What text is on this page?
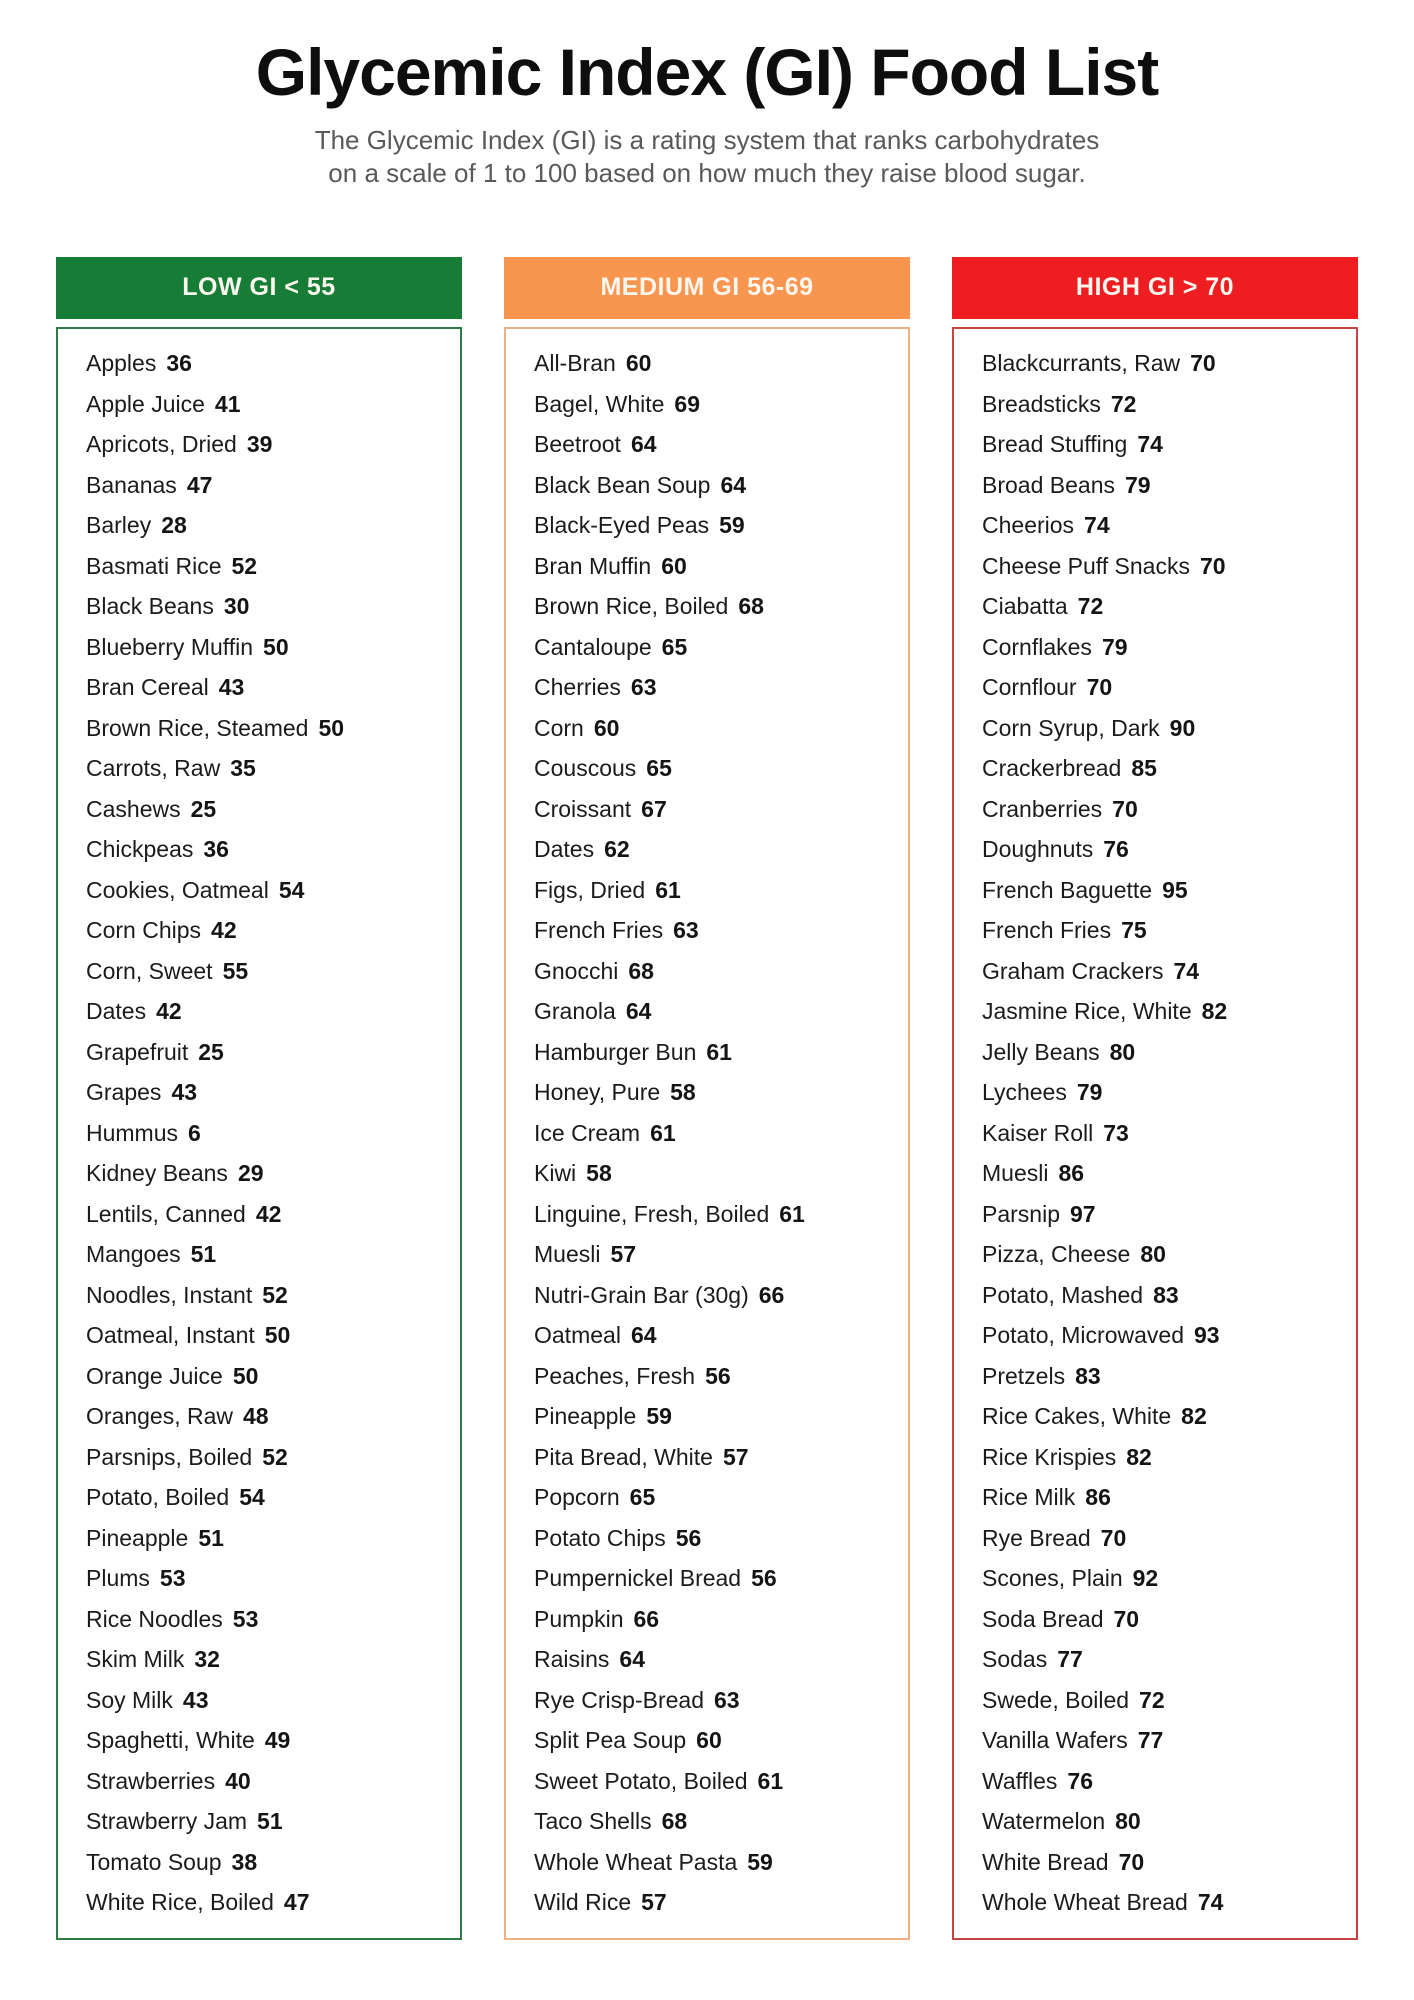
Glycemic Index (GI) Food List
The Glycemic Index (GI) is a rating system that ranks carbohydrates
on a scale of 1 to 100 based on how much they raise blood sugar.
LOW GI < 55
Apples 36
Apple Juice 41
Apricots, Dried 39
Bananas 47
Barley 28
Basmati Rice 52
Black Beans 30
Blueberry Muffin 50
Bran Cereal 43
Brown Rice, Steamed 50
Carrots, Raw 35
Cashews 25
Chickpeas 36
Cookies, Oatmeal 54
Corn Chips 42
Corn, Sweet 55
Dates 42
Grapefruit 25
Grapes 43
Hummus 6
Kidney Beans 29
Lentils, Canned 42
Mangoes 51
Noodles, Instant 52
Oatmeal, Instant 50
Orange Juice 50
Oranges, Raw 48
Parsnips, Boiled 52
Potato, Boiled 54
Pineapple 51
Plums 53
Rice Noodles 53
Skim Milk 32
Soy Milk 43
Spaghetti, White 49
Strawberries 40
Strawberry Jam 51
Tomato Soup 38
White Rice, Boiled 47
MEDIUM GI 56-69
All-Bran 60
Bagel, White 69
Beetroot 64
Black Bean Soup 64
Black-Eyed Peas 59
Bran Muffin 60
Brown Rice, Boiled 68
Cantaloupe 65
Cherries 63
Corn 60
Couscous 65
Croissant 67
Dates 62
Figs, Dried 61
French Fries 63
Gnocchi 68
Granola 64
Hamburger Bun 61
Honey, Pure 58
Ice Cream 61
Kiwi 58
Linguine, Fresh, Boiled 61
Muesli 57
Nutri-Grain Bar (30g) 66
Oatmeal 64
Peaches, Fresh 56
Pineapple 59
Pita Bread, White 57
Popcorn 65
Potato Chips 56
Pumpernickel Bread 56
Pumpkin 66
Raisins 64
Rye Crisp-Bread 63
Split Pea Soup 60
Sweet Potato, Boiled 61
Taco Shells 68
Whole Wheat Pasta 59
Wild Rice 57
HIGH GI > 70
Blackcurrants, Raw 70
Breadsticks 72
Bread Stuffing 74
Broad Beans 79
Cheerios 74
Cheese Puff Snacks 70
Ciabatta 72
Cornflakes 79
Cornflour 70
Corn Syrup, Dark 90
Crackerbread 85
Cranberries 70
Doughnuts 76
French Baguette 95
French Fries 75
Graham Crackers 74
Jasmine Rice, White 82
Jelly Beans 80
Lychees 79
Kaiser Roll 73
Muesli 86
Parsnip 97
Pizza, Cheese 80
Potato, Mashed 83
Potato, Microwaved 93
Pretzels 83
Rice Cakes, White 82
Rice Krispies 82
Rice Milk 86
Rye Bread 70
Scones, Plain 92
Soda Bread 70
Sodas 77
Swede, Boiled 72
Vanilla Wafers 77
Waffles 76
Watermelon 80
White Bread 70
Whole Wheat Bread 74
